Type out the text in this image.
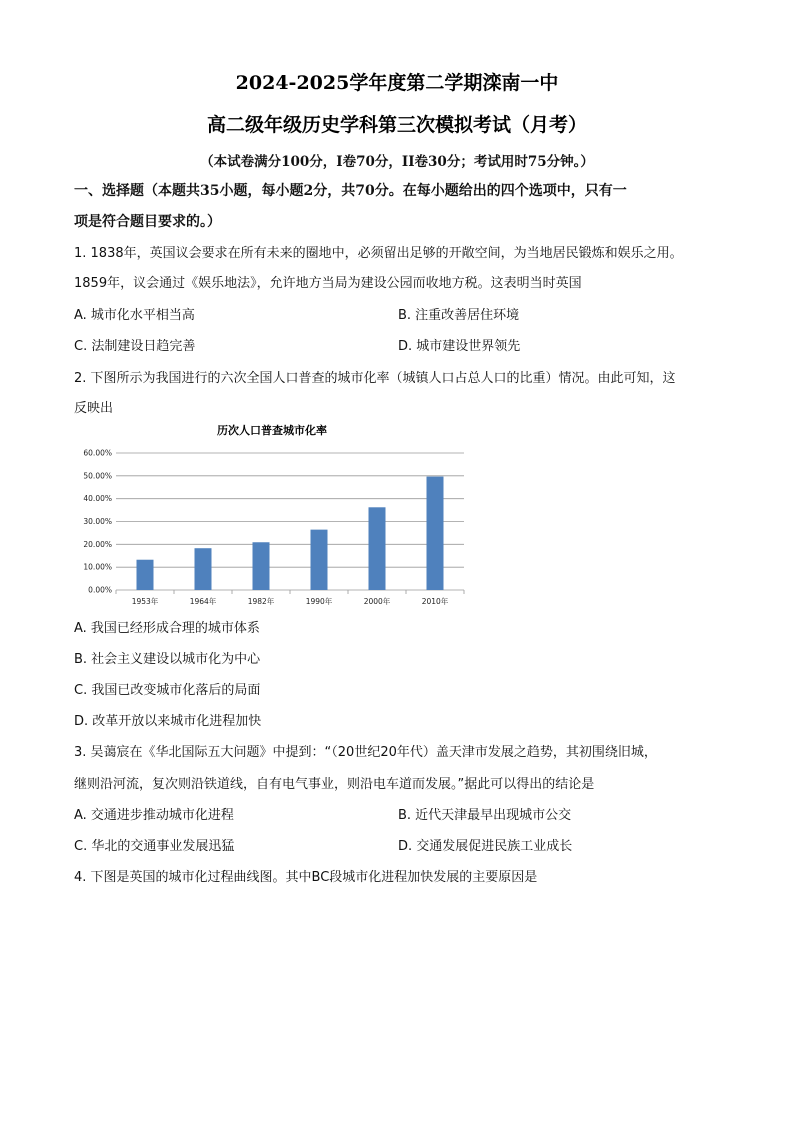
2024-2025学年度第二学期滦南一中
高二级年级历史学科第三次模拟考试（月考）
（本试卷满分100分，I卷70分，II卷30分；考试用时75分钟。）
一、选择题（本题共35小题，每小题2分，共70分。在每小题给出的四个选项中，只有一
项是符合题目要求的。）
1. 1838年，英国议会要求在所有未来的圈地中，必须留出足够的开敞空间，为当地居民锻炼和娱乐之用。
1859年，议会通过《娱乐地法》，允许地方当局为建设公园而收地方税。这表明当时英国
A. 城市化水平相当高	B. 注重改善居住环境
C. 法制建设日趋完善	D. 城市建设世界领先
2. 下图所示为我国进行的六次全国人口普查的城市化率（城镇人口占总人口的比重）情况。由此可知，这
反映出
历次人口普查城市化率
0.00%
10.00%
20.00%
30.00%
40.00%
50.00%
60.00%
1953年	1964年	1982年	1990年	2000年	2010年
A. 我国已经形成合理的城市体系
B. 社会主义建设以城市化为中心
C. 我国已改变城市化落后的局面
D. 改革开放以来城市化进程加快
3. 吴蔼宸在《华北国际五大问题》中提到：“（20世纪20年代）盖天津市发展之趋势，其初围绕旧城，
继则沿河流，复次则沿铁道线，自有电气事业，则沿电车道而发展。”据此可以得出的结论是
A. 交通进步推动城市化进程	B. 近代天津最早出现城市公交
C. 华北的交通事业发展迅猛	D. 交通发展促进民族工业成长
4. 下图是英国的城市化过程曲线图。其中BC段城市化进程加快发展的主要原因是
